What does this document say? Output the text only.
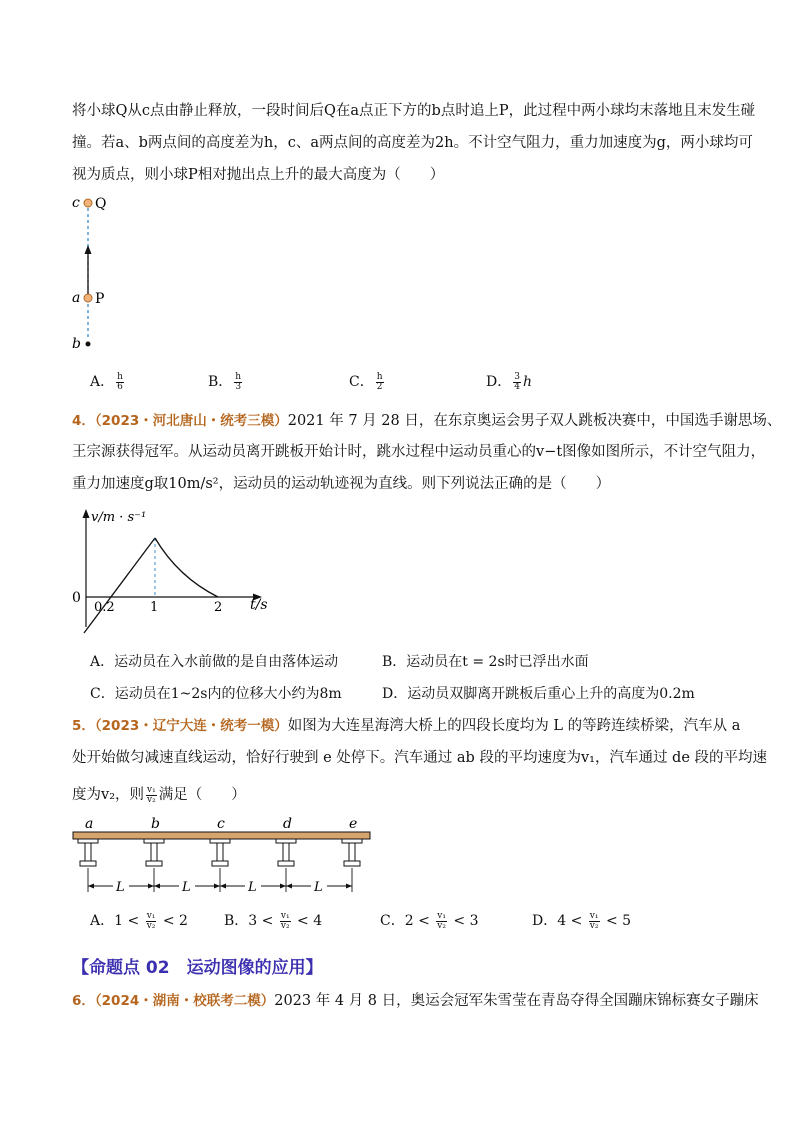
将小球Q从c点由静止释放，一段时间后Q在a点正下方的b点时追上P，此过程中两小球均末落地且末发生碰
撞。若a、b两点间的高度差为h，c、a两点间的高度差为2h。不计空气阻力，重力加速度为g，两小球均可
视为质点，则小球P相对抛出点上升的最大高度为（　　）
c Q
a P
b
A． $\frac{h}{6}$	B． $\frac{h}{3}$	C． $\frac{h}{2}$	D． $\frac{3}{4}$ h
4．（2023・河北唐山・统考三模）2021 年 7 月 28 日，在东京奥运会男子双人跳板决赛中，中国选手谢思场、
王宗源获得冠军。从运动员离开跳板开始计时，跳水过程中运动员重心的v−t图像如图所示，不计空气阻力，
重力加速度g取10m/s²，运动员的运动轨迹视为直线。则下列说法正确的是（　　）
v/m · s⁻¹
t/s
0
0.2	1	2
A．运动员在入水前做的是自由落体运动	B．运动员在t = 2s时已浮出水面
C．运动员在1~2s内的位移大小约为8m	D．运动员双脚离开跳板后重心上升的高度为0.2m
5．（2023・辽宁大连・统考一模）如图为大连星海湾大桥上的四段长度均为 L 的等跨连续桥梁，汽车从 a
处开始做匀减速直线运动，恰好行驶到 e 处停下。汽车通过 ab 段的平均速度为v₁，汽车通过 de 段的平均速
度为v₂，则 $\frac{\text{v₁}}{\text{v₂}}$ 满足（　　）
a	b	c	d	e
L	L	L	L
A．$1 < \frac{\text{v₁}}{\text{v₂}} < 2$	B．$3 < \frac{\text{v₁}}{\text{v₂}} < 4$	C．$2 < \frac{\text{v₁}}{\text{v₂}} < 3$	D．$4 < \frac{\text{v₁}}{\text{v₂}} < 5$
【命题点 02　运动图像的应用】
6．（2024・湖南・校联考二模）2023 年 4 月 8 日，奥运会冠军朱雪莹在青岛夺得全国蹦床锦标赛女子蹦床
